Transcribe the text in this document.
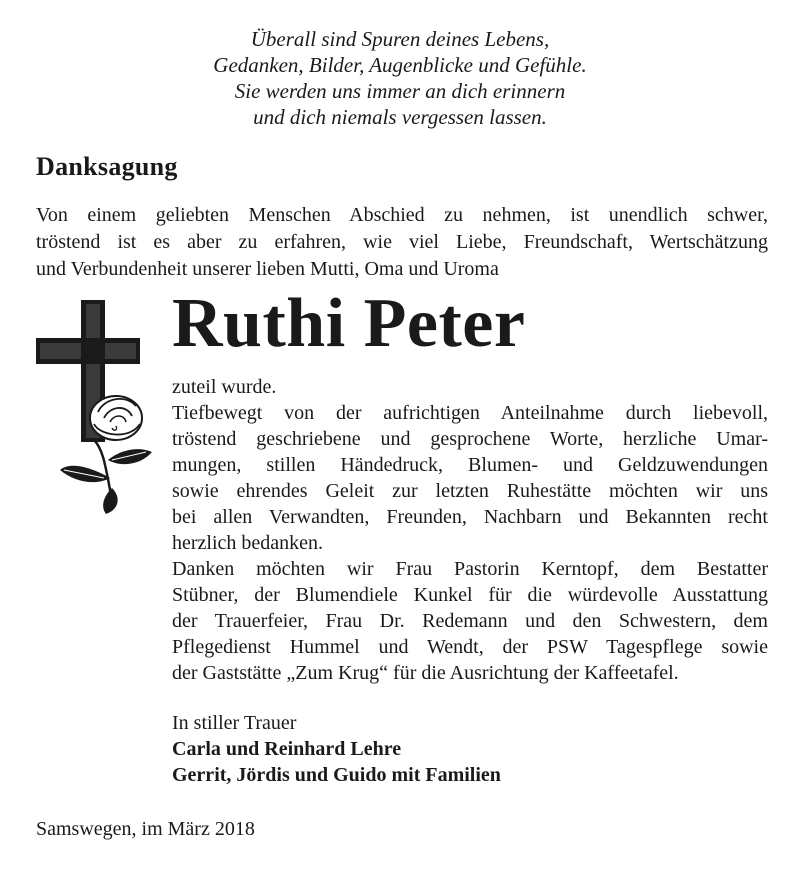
Überall sind Spuren deines Lebens,
Gedanken, Bilder, Augenblicke und Gefühle.
Sie werden uns immer an dich erinnern
und dich niemals vergessen lassen.
Danksagung
Von einem geliebten Menschen Abschied zu nehmen, ist unendlich schwer,
tröstend ist es aber zu erfahren, wie viel Liebe, Freundschaft, Wertschätzung
und Verbundenheit unserer lieben Mutti, Oma und Uroma
Ruthi Peter
zuteil wurde.
Tiefbewegt von der aufrichtigen Anteilnahme durch liebevoll,
tröstend geschriebene und gesprochene Worte, herzliche Umar-
mungen, stillen Händedruck, Blumen- und Geldzuwendungen
sowie ehrendes Geleit zur letzten Ruhestätte möchten wir uns
bei allen Verwandten, Freunden, Nachbarn und Bekannten recht
herzlich bedanken.
Danken möchten wir Frau Pastorin Kerntopf, dem Bestatter
Stübner, der Blumendiele Kunkel für die würdevolle Ausstattung
der Trauerfeier, Frau Dr. Redemann und den Schwestern, dem
Pflegedienst Hummel und Wendt, der PSW Tagespflege sowie
der Gaststätte „Zum Krug“ für die Ausrichtung der Kaffeetafel.
In stiller Trauer
Carla und Reinhard Lehre
Gerrit, Jördis und Guido mit Familien
Samswegen, im März 2018
